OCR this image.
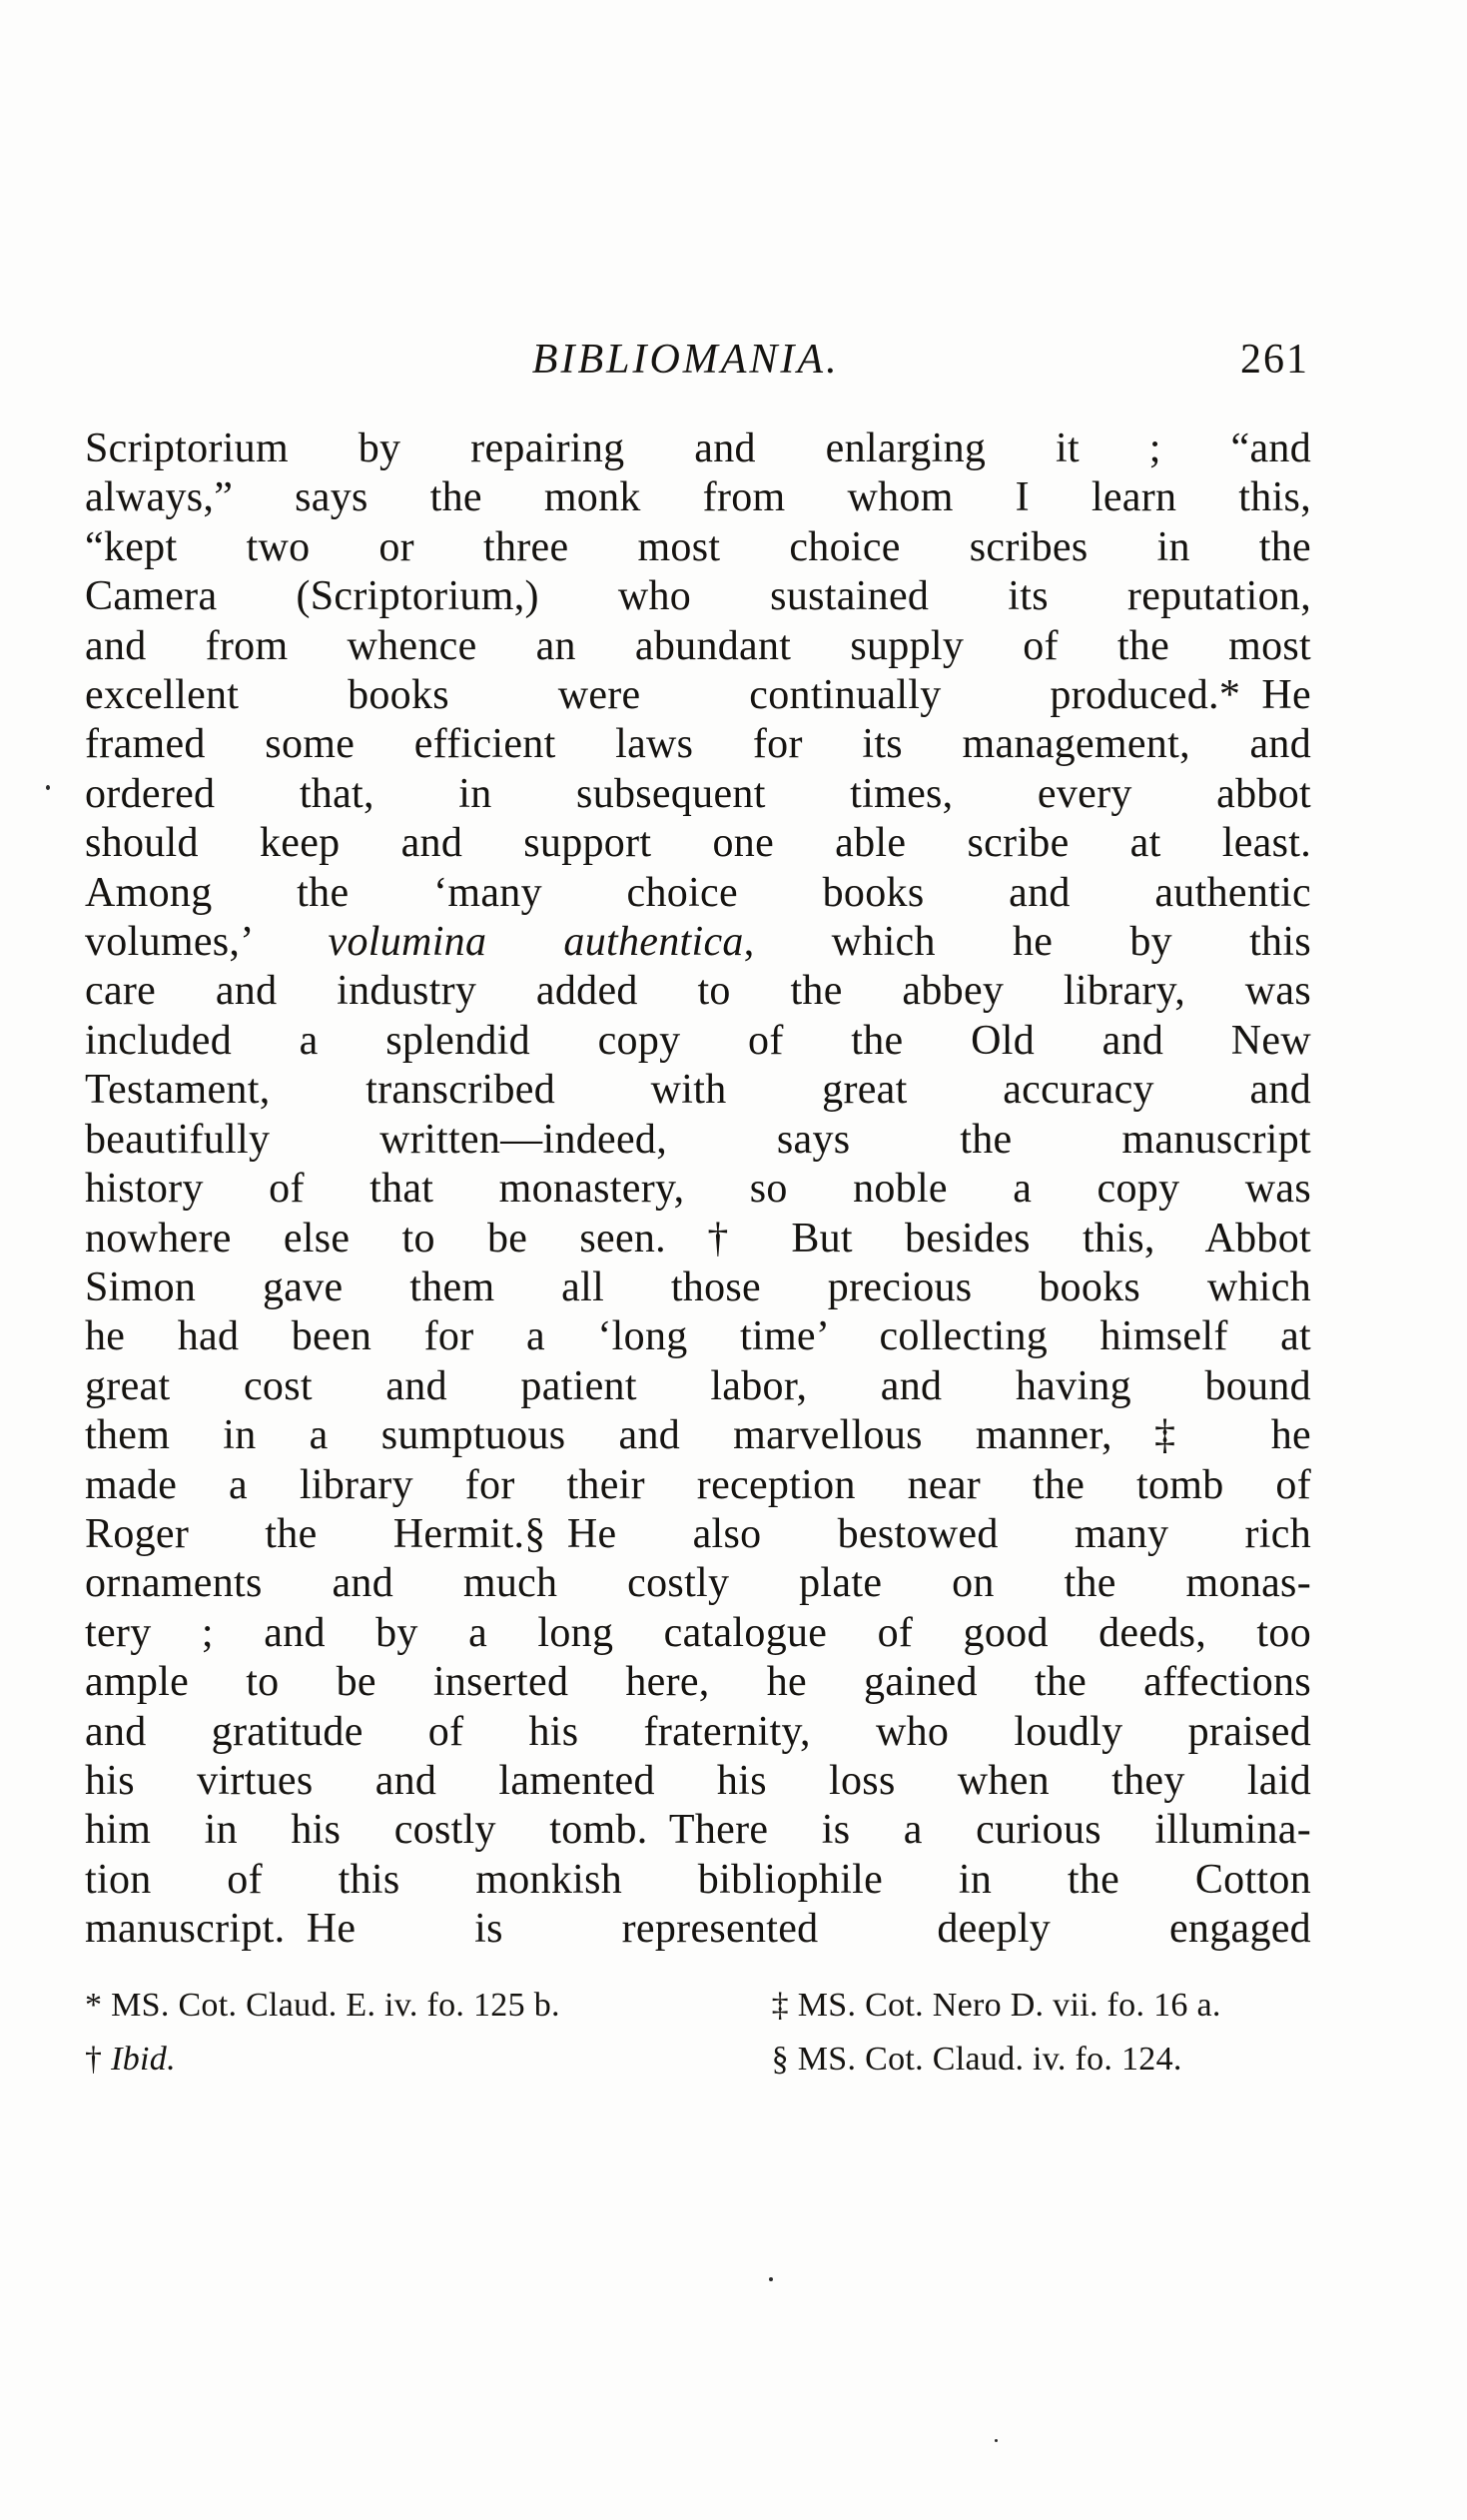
BIBLIOMANIA.	261
Scriptorium by repairing and enlarging it ; “and
always,” says the monk from whom I learn this,
“kept two or three most choice scribes in the
Camera (Scriptorium,) who sustained its reputation,
and from whence an abundant supply of the most
excellent books were continually produced.* He
framed some efficient laws for its management, and
ordered that, in subsequent times, every abbot
should keep and support one able scribe at least.
Among the ‘many choice books and authentic
volumes,’ volumina authentica, which he by this
care and industry added to the abbey library, was
included a splendid copy of the Old and New
Testament, transcribed with great accuracy and
beautifully written—indeed, says the manuscript
history of that monastery, so noble a copy was
nowhere else to be seen.† But besides this, Abbot
Simon gave them all those precious books which
he had been for a ‘long time’ collecting himself at
great cost and patient labor, and having bound
them in a sumptuous and marvellous manner,‡ he
made a library for their reception near the tomb of
Roger the Hermit.§ He also bestowed many rich
ornaments and much costly plate on the monas-
tery ; and by a long catalogue of good deeds, too
ample to be inserted here, he gained the affections
and gratitude of his fraternity, who loudly praised
his virtues and lamented his loss when they laid
him in his costly tomb. There is a curious illumina-
tion of this monkish bibliophile in the Cotton
manuscript. He is represented deeply engaged
* MS. Cot. Claud. E. iv. fo. 125 b.	‡ MS. Cot. Nero D. vii. fo. 16 a.
† Ibid.	§ MS. Cot. Claud. iv. fo. 124.
